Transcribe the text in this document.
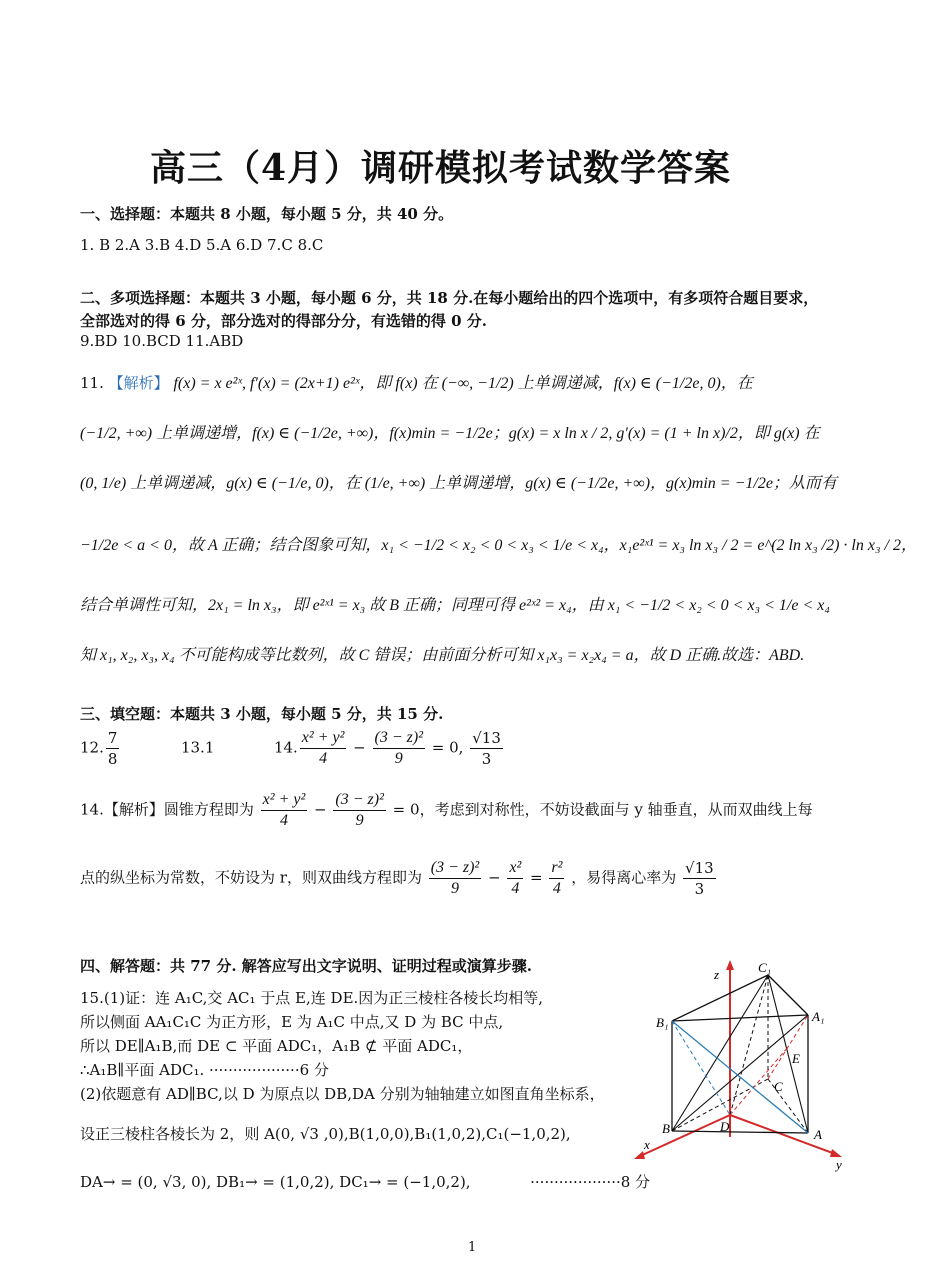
高三（4月）调研模拟考试数学答案
一、选择题：本题共 8 小题，每小题 5 分，共 40 分。
1. B 2.A 3.B 4.D 5.A 6.D 7.C 8.C
二、多项选择题：本题共 3 小题，每小题 6 分，共 18 分.在每小题给出的四个选项中，有多项符合题目要求，
全部选对的得 6 分，部分选对的得部分分，有选错的得 0 分.
9.BD 10.BCD 11.ABD
11. 【解析】 f(x) = x e²ˣ, f′(x) = (2x+1) e²ˣ，即 f(x) 在 (−∞, −1/2) 上单调递减，f(x) ∈ (−1/2e, 0)，在
(−1/2, +∞) 上单调递增，f(x) ∈ (−1/2e, +∞)，f(x)min = −1/2e；g(x) = x ln x / 2, g′(x) = (1 + ln x)/2，即 g(x) 在
(0, 1/e) 上单调递减，g(x) ∈ (−1/e, 0)，在 (1/e, +∞) 上单调递增，g(x) ∈ (−1/2e, +∞)，g(x)min = −1/2e；从而有
−1/2e < a < 0，故 A 正确；结合图象可知，x₁ < −1/2 < x₂ < 0 < x₃ < 1/e < x₄，x₁e²ˣ¹ = x₃ ln x₃ / 2 = e^(2 ln x₃ /2) · ln x₃ / 2，
结合单调性可知，2x₁ = ln x₃，即 e²ˣ¹ = x₃ 故 B 正确；同理可得 e²ˣ² = x₄，由 x₁ < −1/2 < x₂ < 0 < x₃ < 1/e < x₄
知 x₁, x₂, x₃, x₄ 不可能构成等比数列，故 C 错误；由前面分析可知 x₁x₃ = x₂x₄ = a，故 D 正确.故选：ABD.
三、填空题：本题共 3 小题，每小题 5 分，共 15 分.
12. $\frac{7}{8}$	13.1	14. $\frac{\text{x² + y²}}{4} - \frac{\text{(3 − z)²}}{9} = 0$, $\frac{√13}{3}$
14.【解析】圆锥方程即为 $\frac{\text{x² + y²}}{4} - \frac{\text{(3 − z)²}}{9} = 0$，考虑到对称性，不妨设截面与 y 轴垂直，从而双曲线上每
点的纵坐标为常数，不妨设为 r，则双曲线方程即为 $\frac{\text{(3 − z)²}}{9} - \frac{\text{x²}}{4} = \frac{\text{r²}}{4}$ ，易得离心率为 $\frac{√13}{3}$
四、解答题：共 77 分. 解答应写出文字说明、证明过程或演算步骤.
15.(1)证：连 A₁C,交 AC₁ 于点 E,连 DE.因为正三棱柱各棱长均相等,
所以侧面 AA₁C₁C 为正方形，E 为 A₁C 中点,又 D 为 BC 中点,
所以 DE∥A₁B,而 DE ⊂ 平面 ADC₁，A₁B ⊄ 平面 ADC₁，
∴A₁B∥平面 ADC₁. ···················6 分
(2)依题意有 AD∥BC,以 D 为原点以 DB,DA 分别为轴轴建立如图直角坐标系，
设正三棱柱各棱长为 2，则 A(0, √3 ,0),B(1,0,0),B₁(1,0,2),C₁(−1,0,2),
DA→ = (0, √3, 0), DB₁→ = (1,0,2), DC₁→ = (−1,0,2),	···················8 分
z	C₁
B₁	A₁
E
C
B	D
A
x
y
1
